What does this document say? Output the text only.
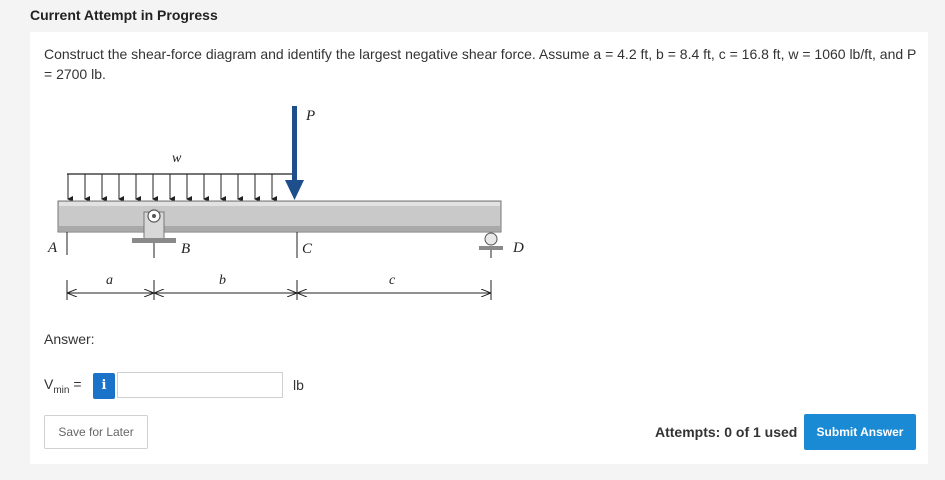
Current Attempt in Progress
Construct the shear-force diagram and identify the largest negative shear force. Assume a = 4.2 ft, b = 8.4 ft, c = 16.8 ft, w = 1060 lb/ft, and P = 2700 lb.
P
w
A	B	C	D
a	b	c
Answer:
$V_{min}$ =	i	lb
Save for Later	Attempts: 0 of 1 used	Submit Answer
